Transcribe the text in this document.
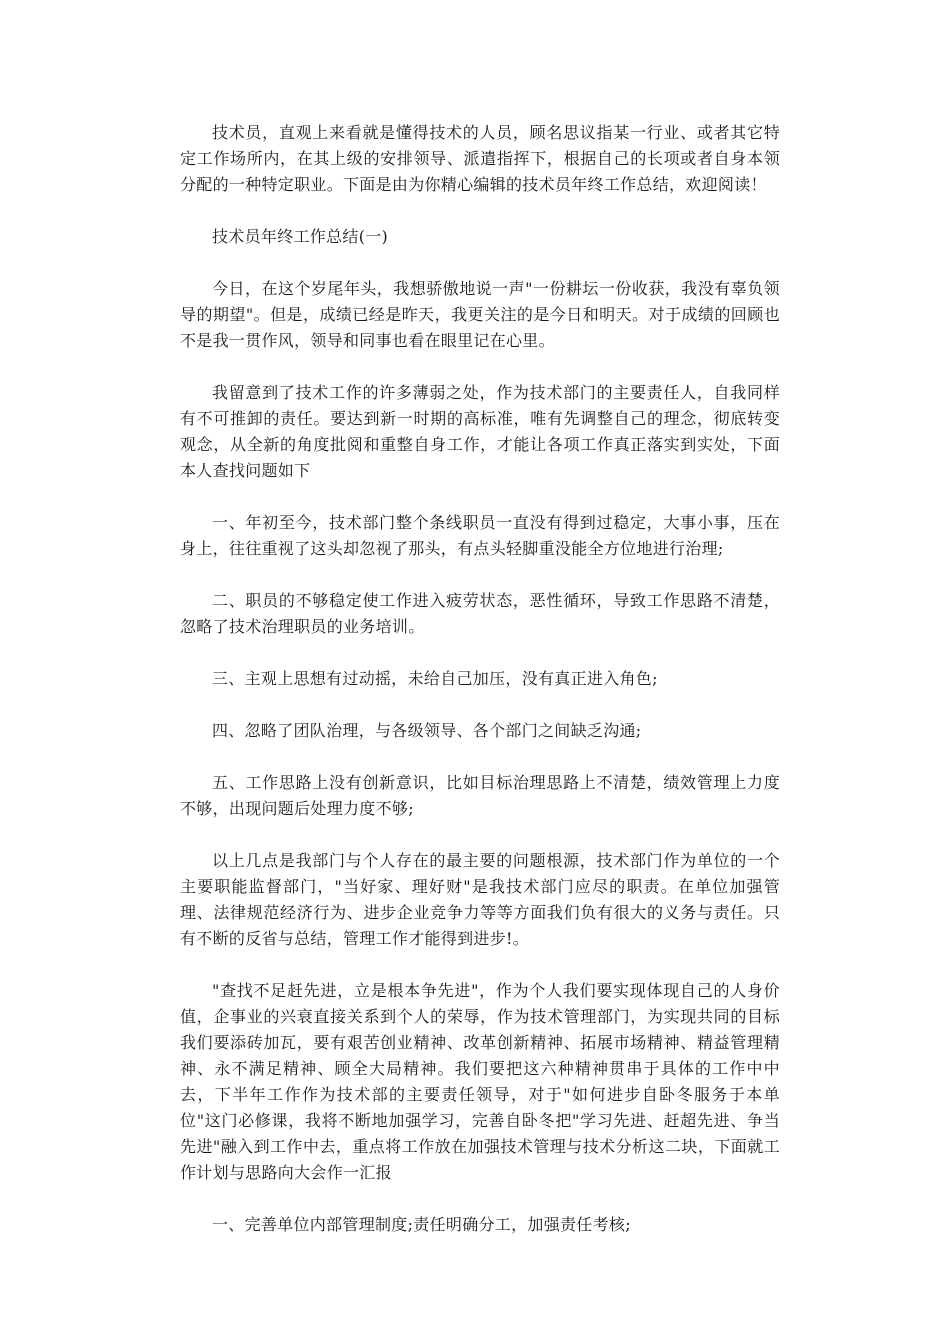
技术员，直观上来看就是懂得技术的人员，顾名思议指某一行业、或者其它特定工作场所内，在其上级的安排领导、派遣指挥下，根据自己的长项或者自身本领分配的一种特定职业。下面是由为你精心编辑的技术员年终工作总结，欢迎阅读！

技术员年终工作总结(一)

今日，在这个岁尾年头，我想骄傲地说一声"一份耕坛一份收获，我没有辜负领导的期望"。但是，成绩已经是昨天，我更关注的是今日和明天。对于成绩的回顾也不是我一贯作风，领导和同事也看在眼里记在心里。

我留意到了技术工作的许多薄弱之处，作为技术部门的主要责任人，自我同样有不可推卸的责任。要达到新一时期的高标准，唯有先调整自己的理念，彻底转变观念，从全新的角度批阅和重整自身工作，才能让各项工作真正落实到实处，下面本人查找问题如下

一、年初至今，技术部门整个条线职员一直没有得到过稳定，大事小事，压在身上，往往重视了这头却忽视了那头，有点头轻脚重没能全方位地进行治理;

二、职员的不够稳定使工作进入疲劳状态，恶性循环，导致工作思路不清楚，忽略了技术治理职员的业务培训。

三、主观上思想有过动摇，未给自己加压，没有真正进入角色;

四、忽略了团队治理，与各级领导、各个部门之间缺乏沟通;

五、工作思路上没有创新意识，比如目标治理思路上不清楚，绩效管理上力度不够，出现问题后处理力度不够;

以上几点是我部门与个人存在的最主要的问题根源，技术部门作为单位的一个主要职能监督部门，"当好家、理好财"是我技术部门应尽的职责。在单位加强管理、法律规范经济行为、进步企业竞争力等等方面我们负有很大的义务与责任。只有不断的反省与总结，管理工作才能得到进步!。

"查找不足赶先进，立是根本争先进"，作为个人我们要实现体现自己的人身价值，企事业的兴衰直接关系到个人的荣辱，作为技术管理部门，为实现共同的目标我们要添砖加瓦，要有艰苦创业精神、改革创新精神、拓展市场精神、精益管理精神、永不满足精神、顾全大局精神。我们要把这六种精神贯串于具体的工作中中去，下半年工作作为技术部的主要责任领导，对于"如何进步自卧冬服务于本单位"这门必修课，我将不断地加强学习，完善自卧冬把"学习先进、赶超先进、争当先进"融入到工作中去，重点将工作放在加强技术管理与技术分析这二块，下面就工作计划与思路向大会作一汇报

一、完善单位内部管理制度;责任明确分工，加强责任考核;
